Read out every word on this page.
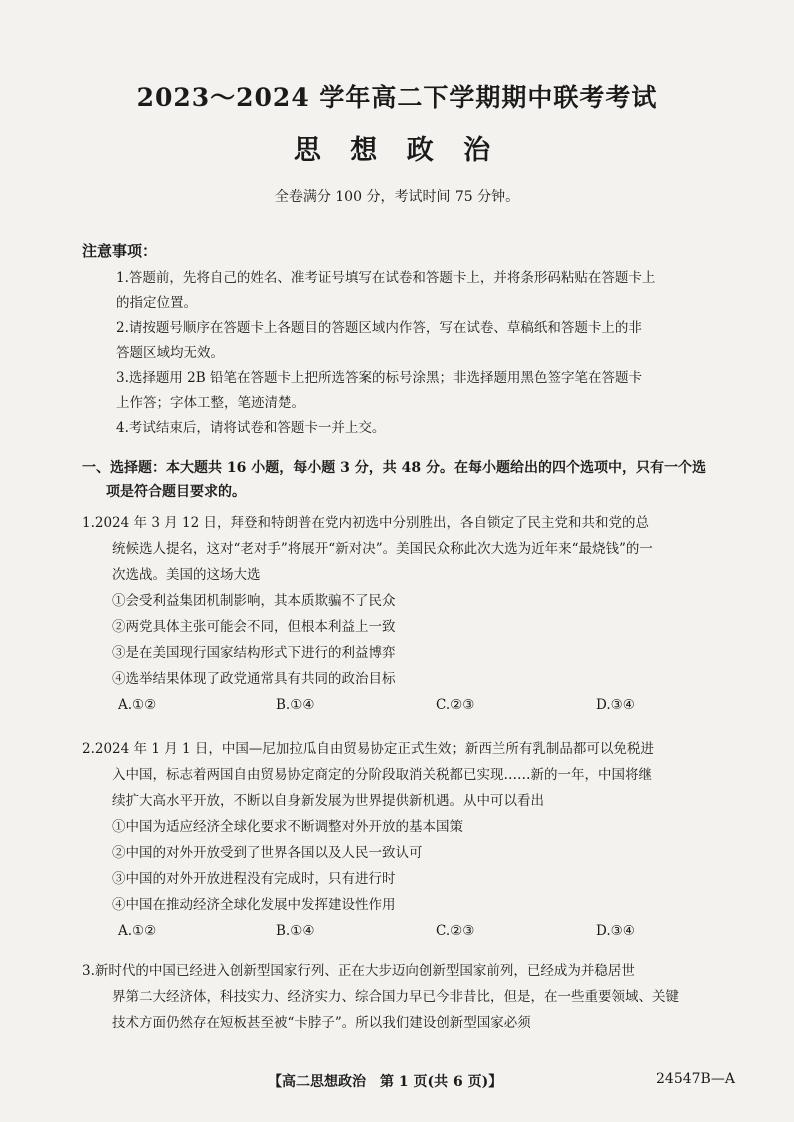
2023～2024 学年高二下学期期中联考考试
思 想 政 治
全卷满分 100 分，考试时间 75 分钟。
注意事项：
1.答题前，先将自己的姓名、准考证号填写在试卷和答题卡上，并将条形码粘贴在答题卡上
的指定位置。
2.请按题号顺序在答题卡上各题目的答题区域内作答，写在试卷、草稿纸和答题卡上的非
答题区域均无效。
3.选择题用 2B 铅笔在答题卡上把所选答案的标号涂黑；非选择题用黑色签字笔在答题卡
上作答；字体工整，笔迹清楚。
4.考试结束后，请将试卷和答题卡一并上交。
一、选择题：本大题共 16 小题，每小题 3 分，共 48 分。在每小题给出的四个选项中，只有一个选
项是符合题目要求的。
1.2024 年 3 月 12 日，拜登和特朗普在党内初选中分别胜出，各自锁定了民主党和共和党的总
统候选人提名，这对“老对手”将展开“新对决”。美国民众称此次大选为近年来“最烧钱”的一
次选战。美国的这场大选
①会受利益集团机制影响，其本质欺骗不了民众
②两党具体主张可能会不同，但根本利益上一致
③是在美国现行国家结构形式下进行的利益博弈
④选举结果体现了政党通常具有共同的政治目标
A.①②	B.①④	C.②③	D.③④
2.2024 年 1 月 1 日，中国—尼加拉瓜自由贸易协定正式生效；新西兰所有乳制品都可以免税进
入中国，标志着两国自由贸易协定商定的分阶段取消关税都已实现……新的一年，中国将继
续扩大高水平开放，不断以自身新发展为世界提供新机遇。从中可以看出
①中国为适应经济全球化要求不断调整对外开放的基本国策
②中国的对外开放受到了世界各国以及人民一致认可
③中国的对外开放进程没有完成时，只有进行时
④中国在推动经济全球化发展中发挥建设性作用
A.①②	B.①④	C.②③	D.③④
3.新时代的中国已经进入创新型国家行列、正在大步迈向创新型国家前列，已经成为并稳居世
界第二大经济体，科技实力、经济实力、综合国力早已今非昔比，但是，在一些重要领域、关键
技术方面仍然存在短板甚至被“卡脖子”。所以我们建设创新型国家必须
【高二思想政治　第 1 页(共 6 页)】	24547B—A
